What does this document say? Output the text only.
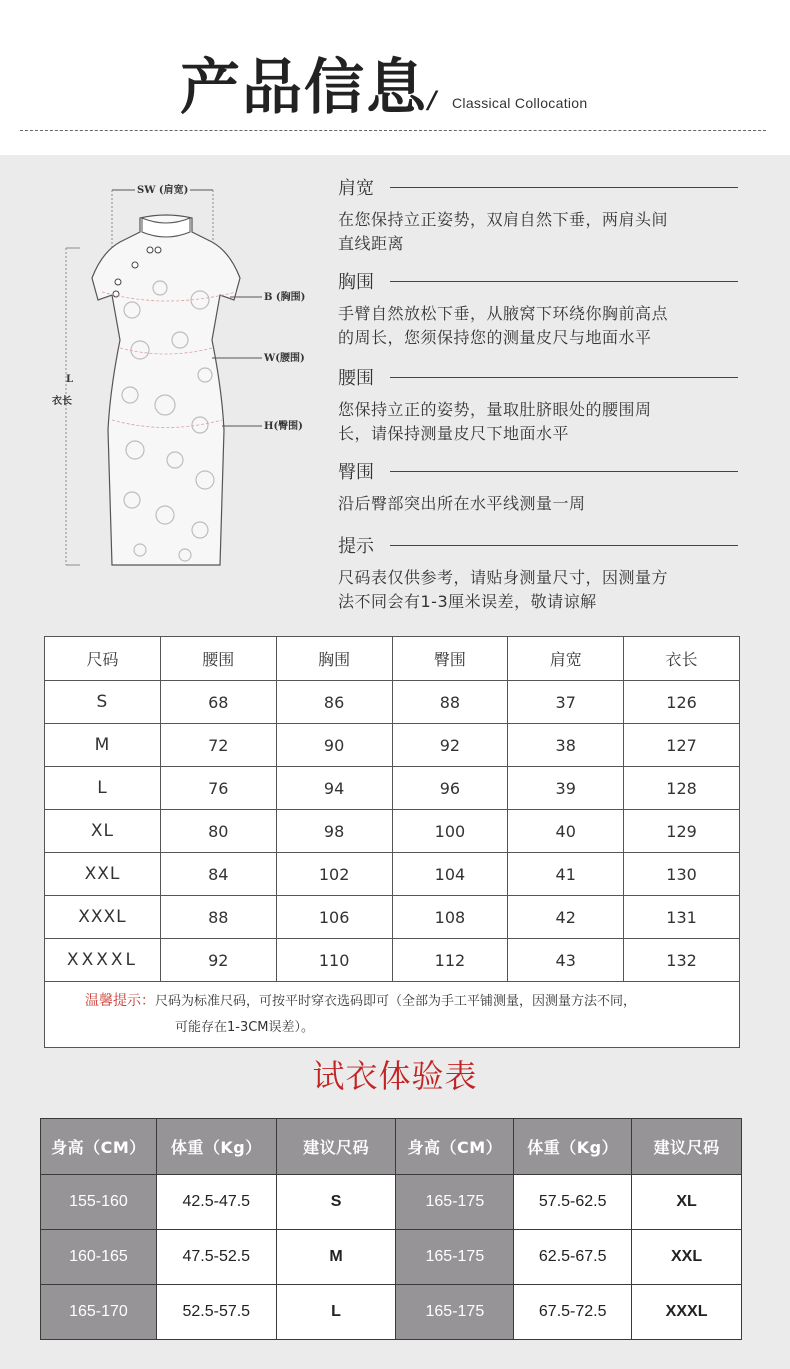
产品信息 / Classical Collocation
SW (肩宽)
B (胸围)
W(腰围)
H(臀围)
L
衣长
肩宽
在您保持立正姿势，双肩自然下垂，两肩头间
直线距离
胸围
手臂自然放松下垂，从腋窝下环绕你胸前高点
的周长，您须保持您的测量皮尺与地面水平
腰围
您保持立正的姿势，量取肚脐眼处的腰围周
长，请保持测量皮尺下地面水平
臀围
沿后臀部突出所在水平线测量一周
提示
尺码表仅供参考，请贴身测量尺寸，因测量方
法不同会有1-3厘米误差，敬请谅解
尺码	腰围	胸围	臀围	肩宽	衣长
S	68	86	88	37	126
M	72	90	92	38	127
L	76	94	96	39	128
XL	80	98	100	40	129
XXL	84	102	104	41	130
XXXL	88	106	108	42	131
XXXXL	92	110	112	43	132

温馨提示：尺码为标准尺码，可按平时穿衣选码即可（全部为手工平铺测量，因测量方法不同，
可能存在1-3CM误差）。					
试衣体验表
身高（CM）	体重（Kg）	建议尺码	身高（CM）	体重（Kg）	建议尺码
155-160	42.5-47.5	S	165-175	57.5-62.5	XL
160-165	47.5-52.5	M	165-175	62.5-67.5	XXL
165-170	52.5-57.5	L	165-175	67.5-72.5	XXXL
